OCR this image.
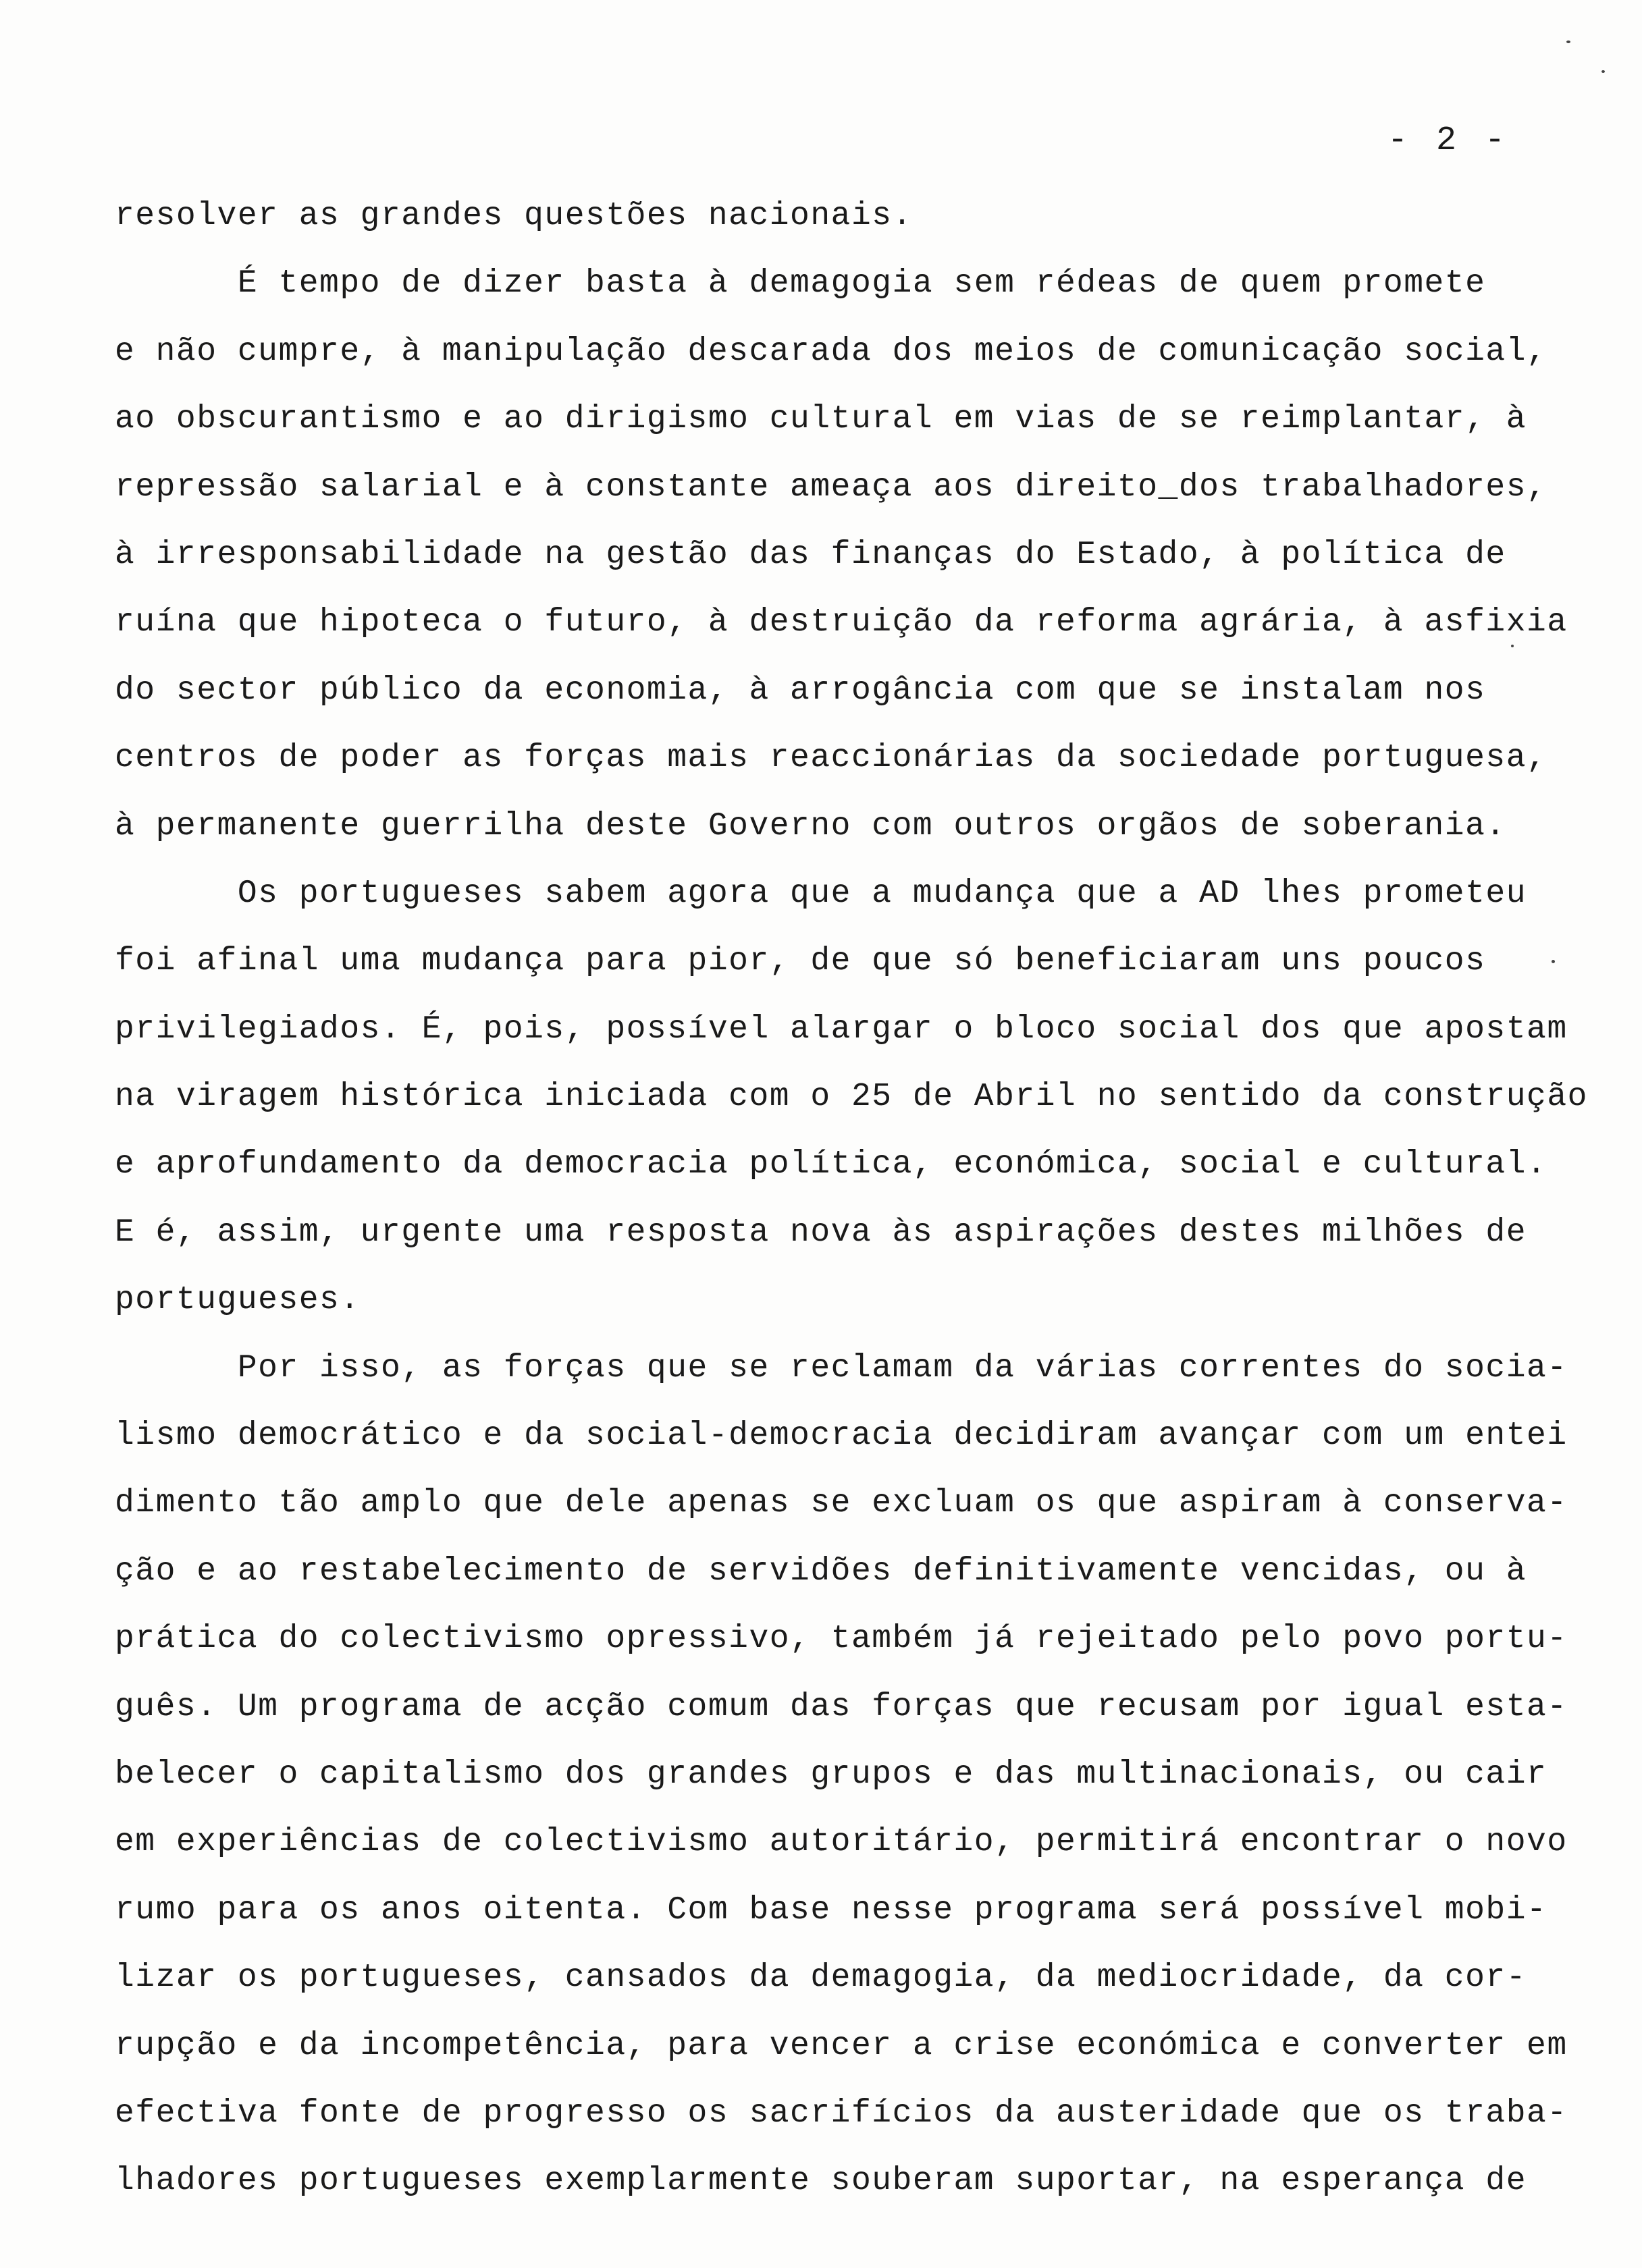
- 2 -
resolver as grandes questões nacionais.
É tempo de dizer basta à demagogia sem rédeas de quem promete
e não cumpre, à manipulação descarada dos meios de comunicação social,
ao obscurantismo e ao dirigismo cultural em vias de se reimplantar, à
repressão salarial e à constante ameaça aos direito_dos trabalhadores,
à irresponsabilidade na gestão das finanças do Estado, à política de
ruína que hipoteca o futuro, à destruição da reforma agrária, à asfixia
do sector público da economia, à arrogância com que se instalam nos
centros de poder as forças mais reaccionárias da sociedade portuguesa,
à permanente guerrilha deste Governo com outros orgãos de soberania.
Os portugueses sabem agora que a mudança que a AD lhes prometeu
foi afinal uma mudança para pior, de que só beneficiaram uns poucos
privilegiados. É, pois, possível alargar o bloco social dos que apostam
na viragem histórica iniciada com o 25 de Abril no sentido da construção
e aprofundamento da democracia política, económica, social e cultural.
E é, assim, urgente uma resposta nova às aspirações destes milhões de
portugueses.
Por isso, as forças que se reclamam da várias correntes do socia-
lismo democrático e da social-democracia decidiram avançar com um entei
dimento tão amplo que dele apenas se excluam os que aspiram à conserva-
ção e ao restabelecimento de servidões definitivamente vencidas, ou à
prática do colectivismo opressivo, também já rejeitado pelo povo portu-
guês. Um programa de acção comum das forças que recusam por igual esta-
belecer o capitalismo dos grandes grupos e das multinacionais, ou cair
em experiências de colectivismo autoritário, permitirá encontrar o novo
rumo para os anos oitenta. Com base nesse programa será possível mobi-
lizar os portugueses, cansados da demagogia, da mediocridade, da cor-
rupção e da incompetência, para vencer a crise económica e converter em
efectiva fonte de progresso os sacrifícios da austeridade que os traba-
lhadores portugueses exemplarmente souberam suportar, na esperança de
